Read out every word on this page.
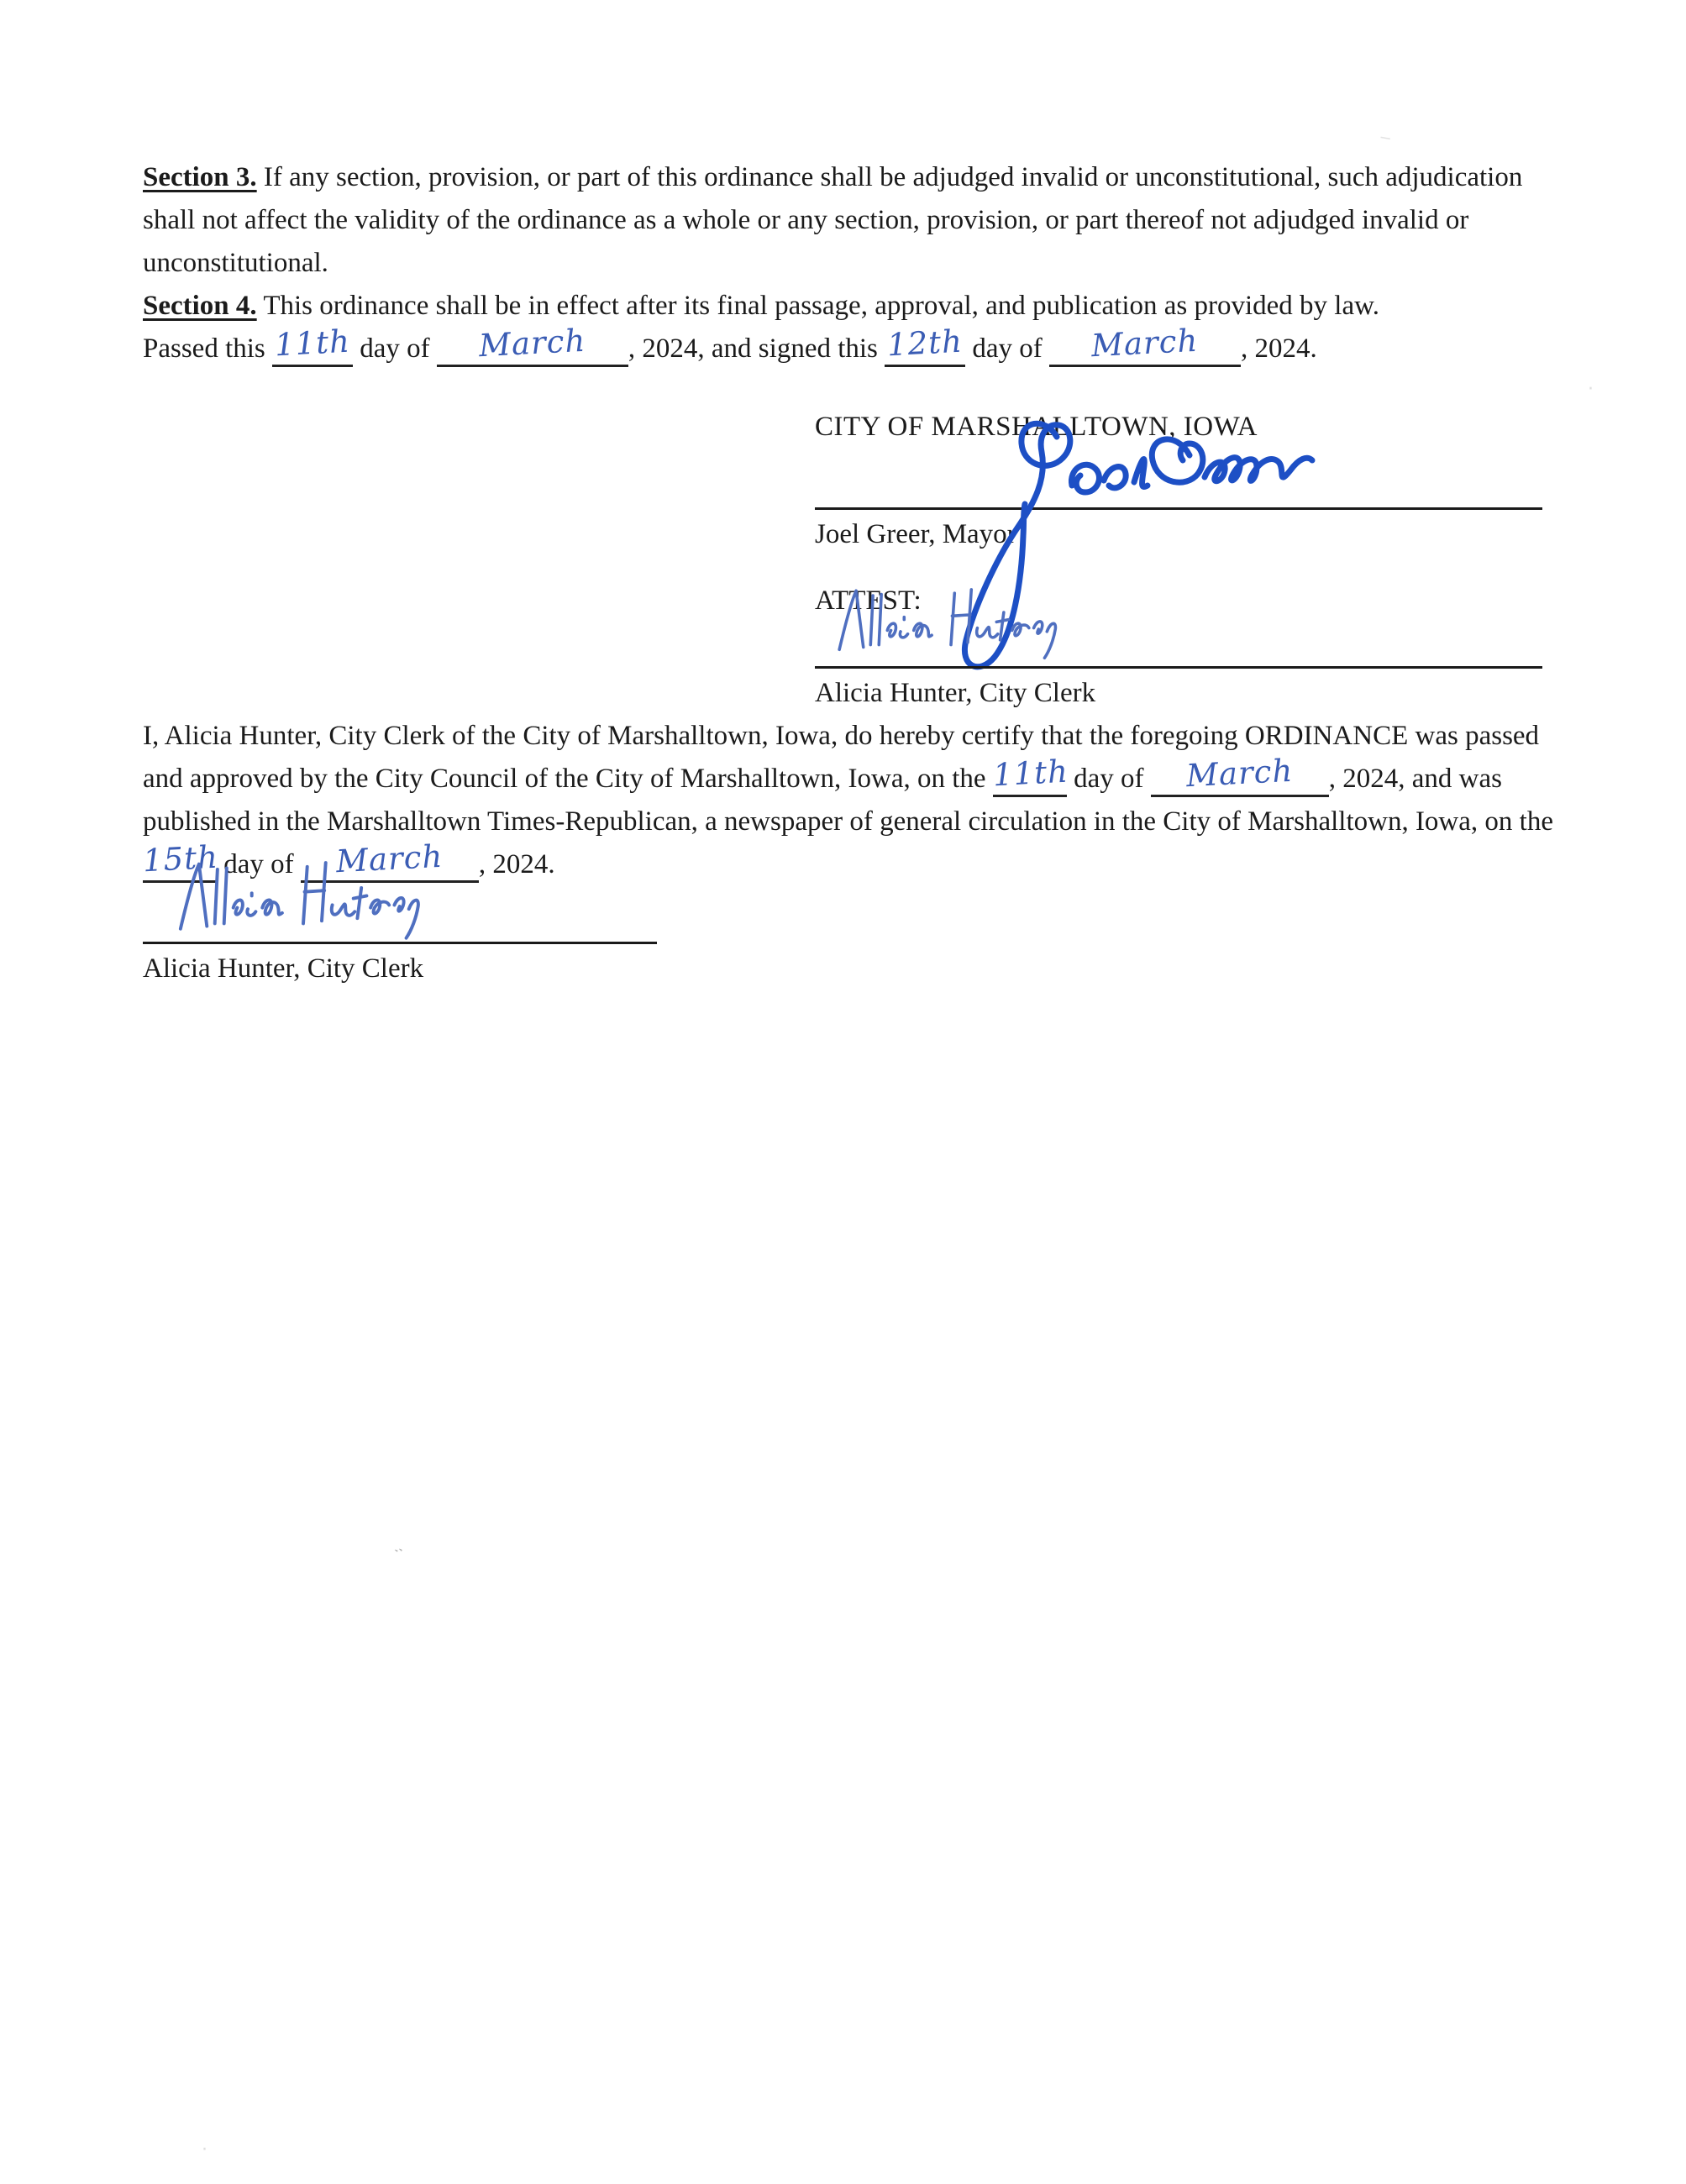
Section 3. If any section, provision, or part of this ordinance shall be adjudged invalid or unconstitutional, such adjudication shall not affect the validity of the ordinance as a whole or any section, provision, or part thereof not adjudged invalid or unconstitutional.

Section 4. This ordinance shall be in effect after its final passage, approval, and publication as provided by law.

Passed this 11th day of March , 2024, and signed this 12th day of March , 2024.

CITY OF MARSHALLTOWN, IOWA
Joel Greer, Mayor
ATTEST:
Alicia Hunter, City Clerk

I, Alicia Hunter, City Clerk of the City of Marshalltown, Iowa, do hereby certify that the foregoing ORDINANCE was passed and approved by the City Council of the City of Marshalltown, Iowa, on the 11th day of March , 2024, and was published in the Marshalltown Times-Republican, a newspaper of general circulation in the City of Marshalltown, Iowa, on the 15th day of March , 2024.

Alicia Hunter, City Clerk
‾
·
ᆢ
·
